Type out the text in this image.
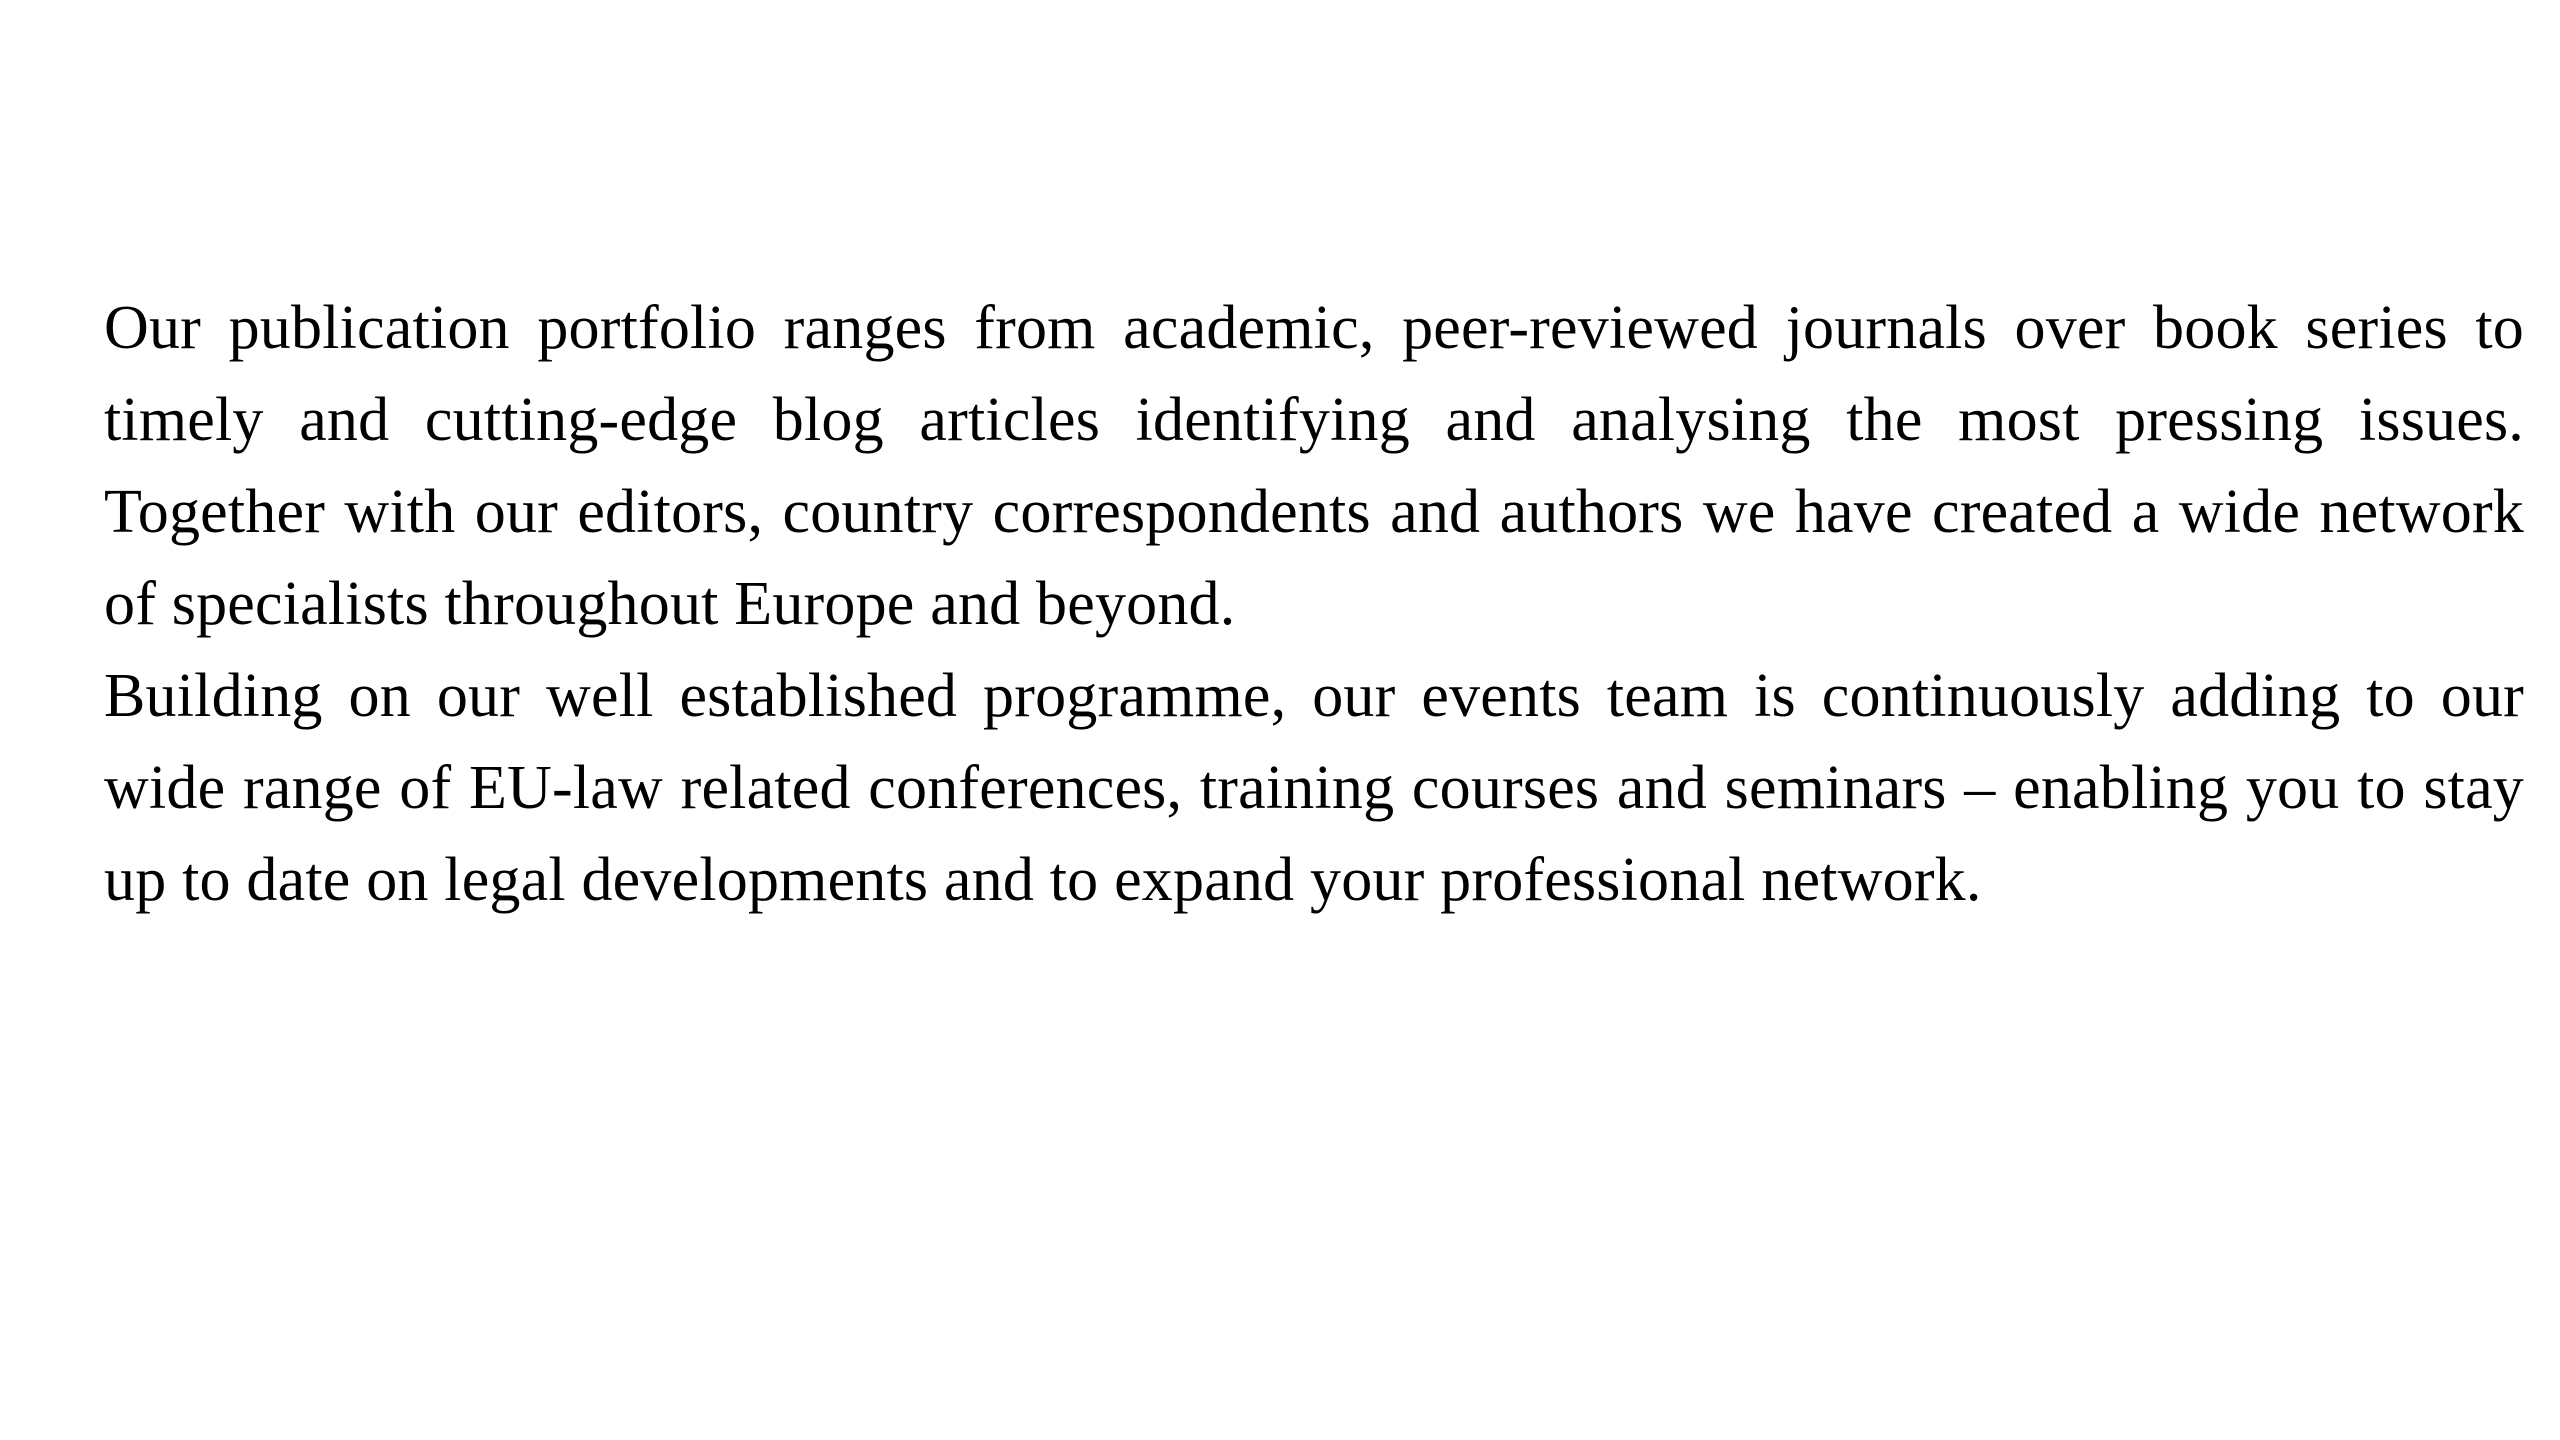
Our publication portfolio ranges from academic, peer-reviewed journals over book series to timely and cutting-edge blog articles identifying and analysing the most pressing issues. Together with our editors, country correspondents and authors we have created a wide network of specialists throughout Europe and beyond.

Building on our well established programme, our events team is continuously adding to our wide range of EU-law related conferences, training courses and seminars – enabling you to stay up to date on legal developments and to expand your professional network.
